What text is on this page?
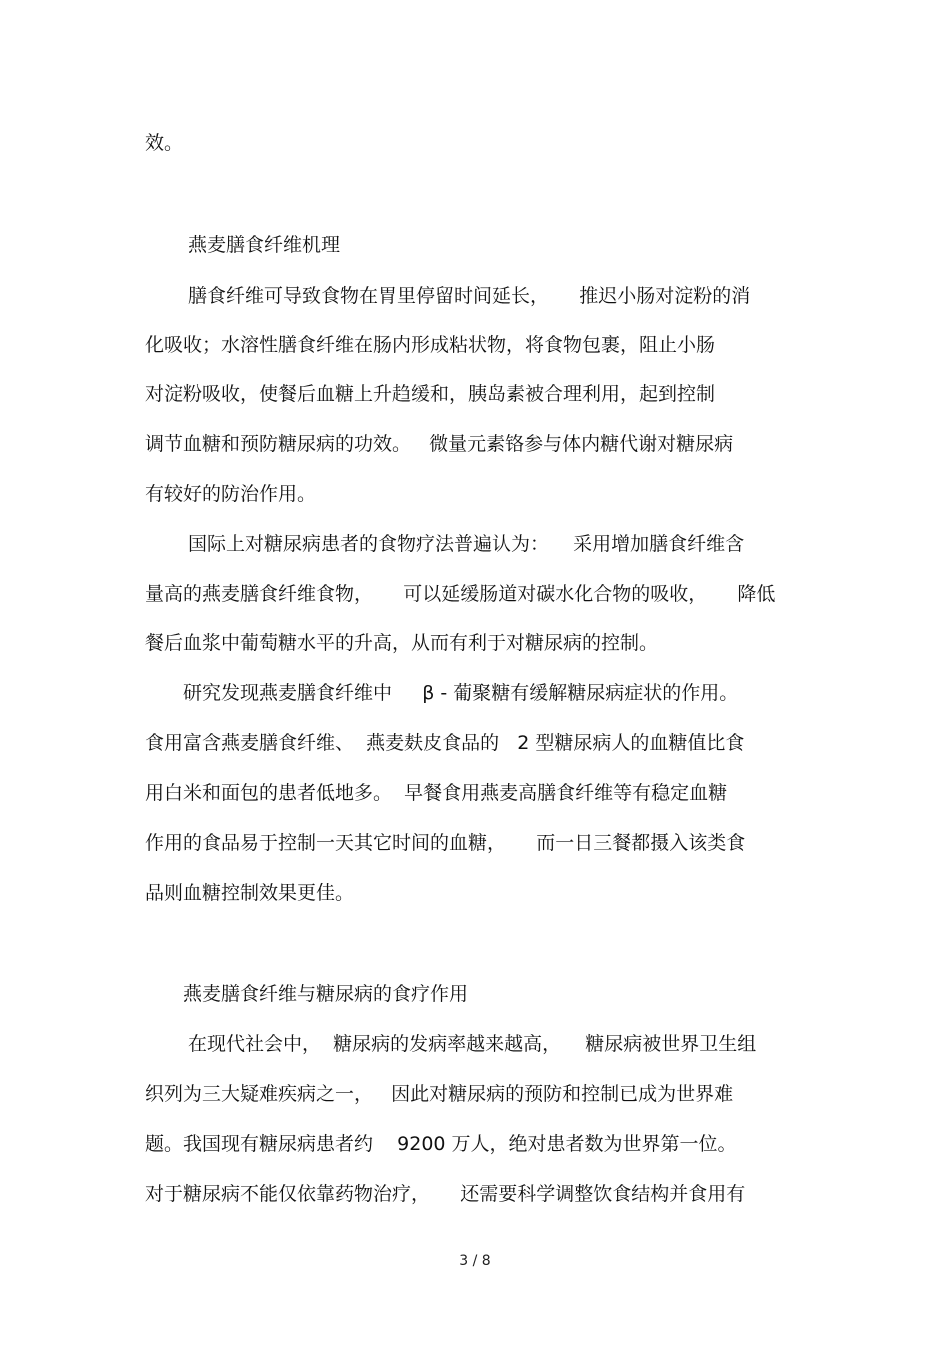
效。
燕麦膳食纤维机理
膳食纤维可导致食物在胃里停留时间延长，     推迟小肠对淀粉的消
化吸收；水溶性膳食纤维在肠内形成粘状物，将食物包裹，阻止小肠
对淀粉吸收，使餐后血糖上升趋缓和，胰岛素被合理利用，起到控制
调节血糖和预防糖尿病的功效。   微量元素铬参与体内糖代谢对糖尿病
有较好的防治作用。
国际上对糖尿病患者的食物疗法普遍认为：    采用增加膳食纤维含
量高的燕麦膳食纤维食物，     可以延缓肠道对碳水化合物的吸收，     降低
餐后血浆中葡萄糖水平的升高，从而有利于对糖尿病的控制。
研究发现燕麦膳食纤维中     β - 葡聚糖有缓解糖尿病症状的作用。
食用富含燕麦膳食纤维、  燕麦麸皮食品的   2 型糖尿病人的血糖值比食
用白米和面包的患者低地多。  早餐食用燕麦高膳食纤维等有稳定血糖
作用的食品易于控制一天其它时间的血糖，     而一日三餐都摄入该类食
品则血糖控制效果更佳。
燕麦膳食纤维与糖尿病的食疗作用
在现代社会中，  糖尿病的发病率越来越高，    糖尿病被世界卫生组
织列为三大疑难疾病之一，   因此对糖尿病的预防和控制已成为世界难
题。我国现有糖尿病患者约    9200 万人，绝对患者数为世界第一位。
对于糖尿病不能仅依靠药物治疗，     还需要科学调整饮食结构并食用有
3 / 8
